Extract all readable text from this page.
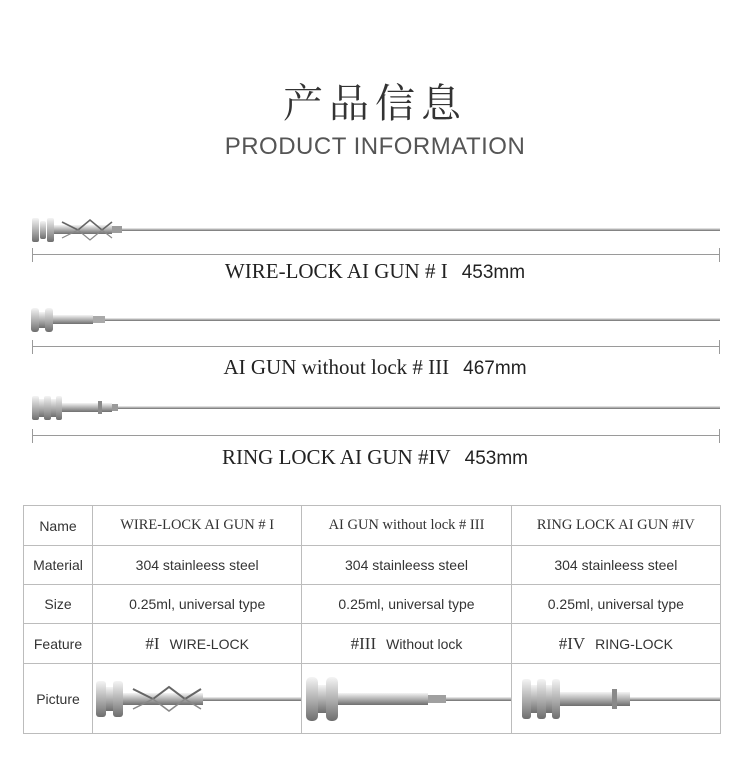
产品信息
PRODUCT INFORMATION
WIRE-LOCK AI GUN # I 453mm
AI GUN without lock # III 467mm
RING LOCK AI GUN #IV 453mm
Name	WIRE-LOCK AI GUN # I	AI GUN without lock # III	RING LOCK AI GUN #IV
Material	304 stainleess steel	304 stainleess steel	304 stainleess steel
Size	0.25ml, universal type	0.25ml, universal type	0.25ml, universal type
Feature	#I WIRE-LOCK	#III Without lock	#IV RING-LOCK
Picture	
